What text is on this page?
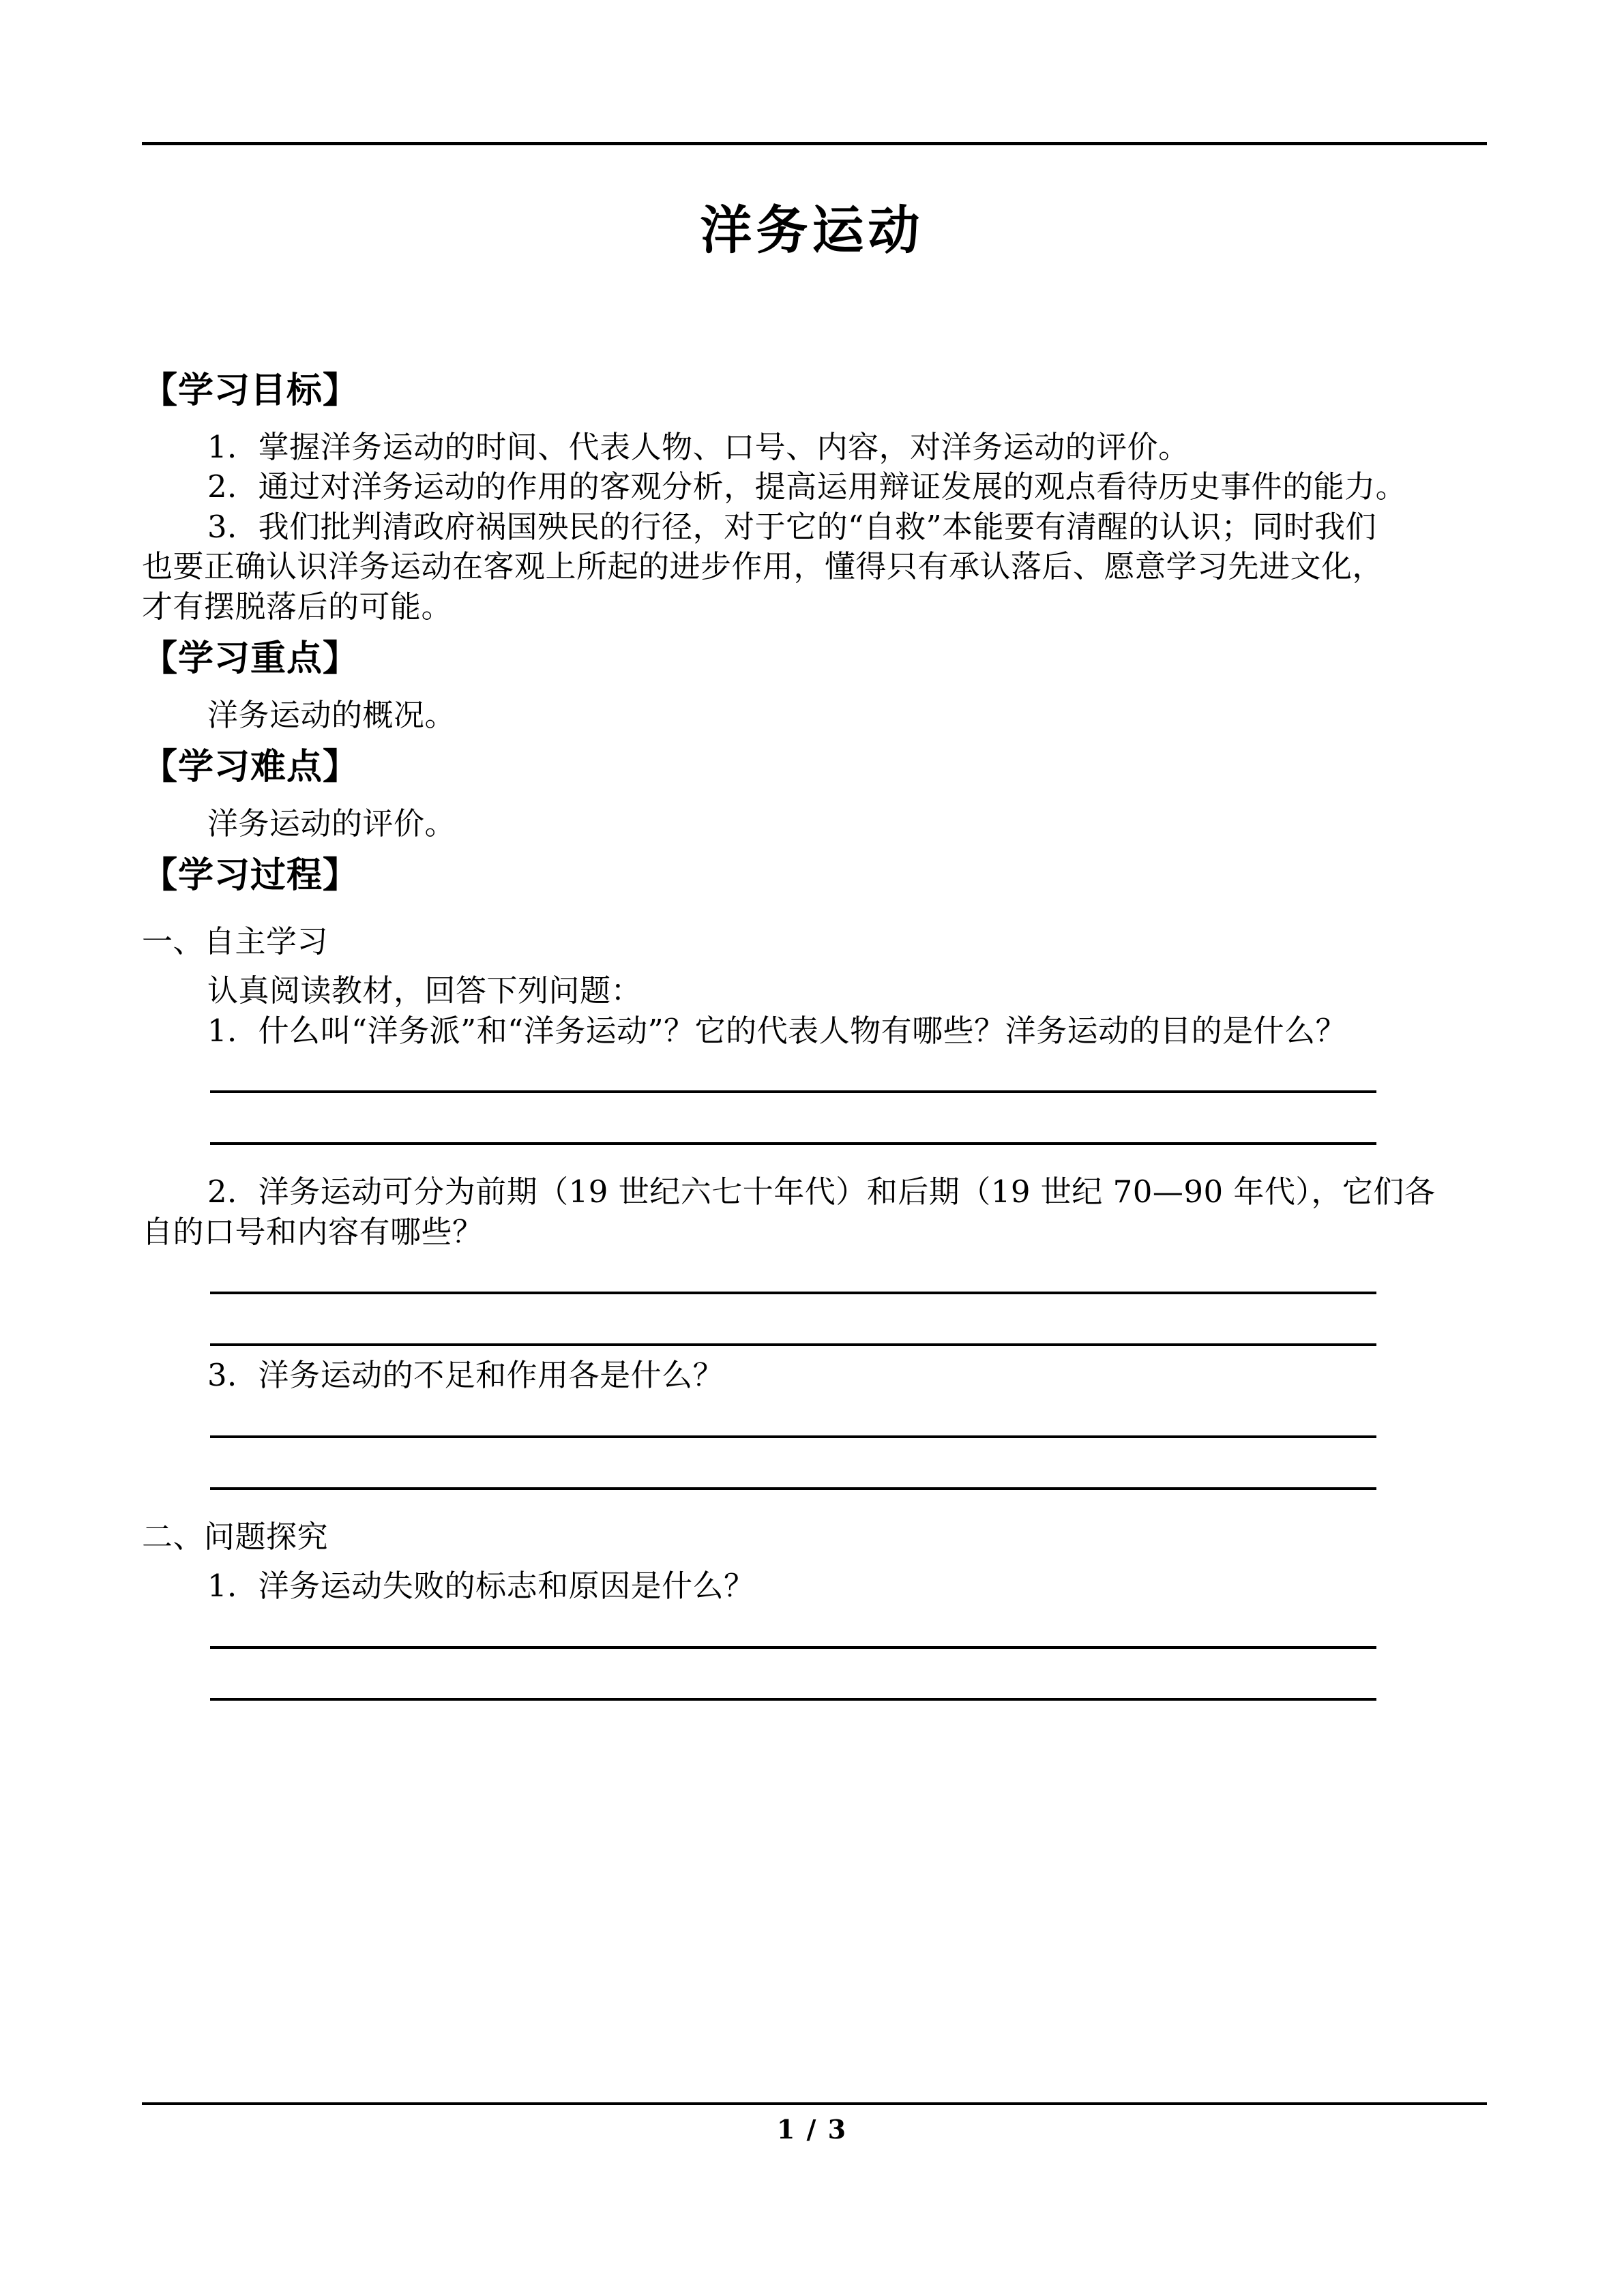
洋务运动
【学习目标】

1．掌握洋务运动的时间、代表人物、口号、内容，对洋务运动的评价。

2．通过对洋务运动的作用的客观分析，提高运用辩证发展的观点看待历史事件的能力。

3．我们批判清政府祸国殃民的行径，对于它的“自救”本能要有清醒的认识；同时我们

也要正确认识洋务运动在客观上所起的进步作用，懂得只有承认落后、愿意学习先进文化，

才有摆脱落后的可能。

【学习重点】

洋务运动的概况。

【学习难点】

洋务运动的评价。

【学习过程】

一、自主学习

认真阅读教材，回答下列问题：

1．什么叫“洋务派”和“洋务运动”？它的代表人物有哪些？洋务运动的目的是什么？

2．洋务运动可分为前期（19 世纪六七十年代）和后期（19 世纪 70—90 年代），它们各

自的口号和内容有哪些？

3．洋务运动的不足和作用各是什么？

二、问题探究

1．洋务运动失败的标志和原因是什么？

1 / 3
